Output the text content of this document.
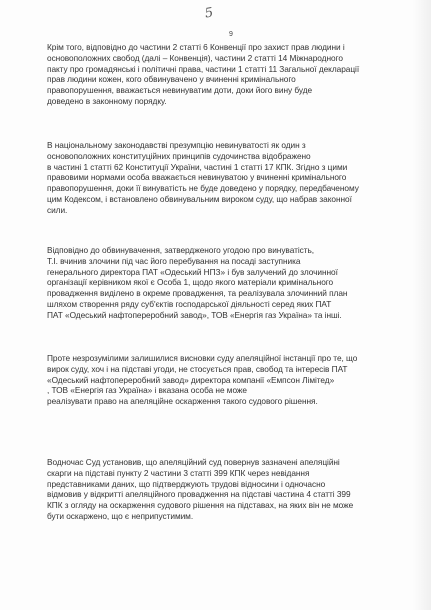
5
9
Крім того, відповідно до частини 2 статті 6 Конвенції про захист прав людини і
основоположних свобод (далі – Конвенція), частини 2 статті 14 Міжнародного
пакту про громадянські і політичні права, частини 1 статті 11 Загальної декларації
прав людини кожен, кого обвинувачено у вчиненні кримінального
правопорушення, вважається невинуватим доти, доки його вину буде
доведено в законному порядку.
В національному законодавстві презумпцію невинуватості як один з
основоположних конституційних принципів судочинства відображено
в частині 1 статті 62 Конституції України, частині 1 статті 17 КПК. Згідно з цими
правовими нормами особа вважається невинуватою у вчиненні кримінального
правопорушення, доки її винуватість не буде доведено у порядку, передбаченому
цим Кодексом, і встановлено обвинувальним вироком суду, що набрав законної
сили.
Відповідно до обвинувачення, затвердженого угодою про винуватість,
Т.І. вчинив злочини під час його перебування на посаді заступника
генерального директора ПАТ «Одеський НПЗ» і був залучений до злочинної
організації керівником якої є Особа 1, щодо якого матеріали кримінального
провадження виділено в окреме провадження, та реалізувала злочинний план
шляхом створення ряду суб'єктів господарської діяльності серед яких ПАТ
ПАТ «Одеський нафтопереробний завод», ТОВ «Енергія газ Україна» та інші.
Проте незрозумілими залишилися висновки суду апеляційної інстанції про те, що
вирок суду, хоч і на підставі угоди, не стосується прав, свобод та інтересів ПАТ
«Одеський нафтопереробний завод» директора компанії «Емпсон Лімітед»
, ТОВ «Енергія газ Україна» і вказана особа не може
реалізувати право на апеляційне оскарження такого судового рішення.
Водночас Суд установив, що апеляційний суд повернув зазначені апеляційні
скарги на підставі пункту 2 частини 3 статті 399 КПК через невідання
представниками даних, що підтверджують трудові відносини і одночасно
відмовив у відкритті апеляційного провадження на підставі частина 4 статті 399
КПК з огляду на оскарження судового рішення на підставах, на яких він не може
бути оскаржено, що є неприпустимим.
